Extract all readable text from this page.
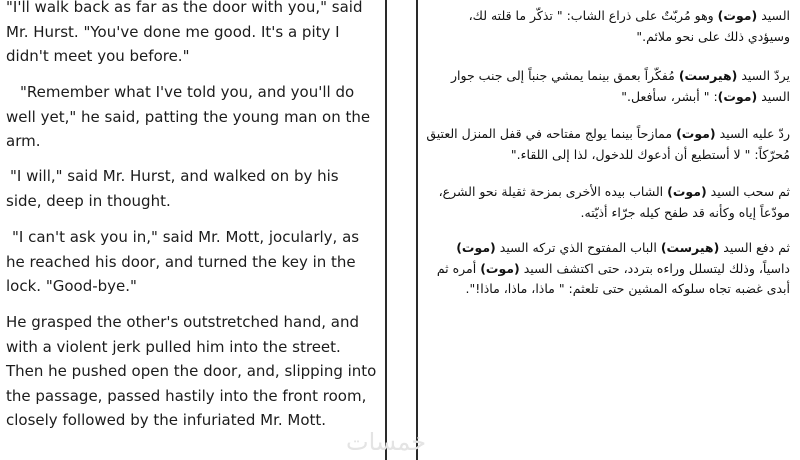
"I'll walk back as far as the door with you," said Mr. Hurst. "You've done me good. It's a pity I didn't meet you before."

"Remember what I've told you, and you'll do well yet," he said, patting the young man on the arm.

"I will," said Mr. Hurst, and walked on by his side, deep in thought.

"I can't ask you in," said Mr. Mott, jocularly, as he reached his door, and turned the key in the lock. "Good-bye."

He grasped the other's outstretched hand, and with a violent jerk pulled him into the street. Then he pushed open the door, and, slipping into the passage, passed hastily into the front room, closely followed by the infuriated Mr. Mott.

السيد (موت) وهو مُربّتٌ على ذراع الشاب: " تذكّر ما قلته لك، وسيؤدي ذلك على نحو ملائم."

يردّ السيد (هيرست) مُفكّراً بعمق بينما يمشي جنباً إلى جنب جوار السيد (موت): " أبشر، سأفعل."

ردّ عليه السيد (موت) ممازحاً بينما يولج مفتاحه في قفل المنزل العتيق مُحرّكاً: " لا أستطيع أن أدعوك للدخول، لذا إلى اللقاء."

ثم سحب السيد (موت) الشاب بيده الأخرى بمزحة ثقيلة نحو الشرع، مودّعاً إياه وكأنه قد طفح كيله جرّاء أذيّته.

ثم دفع السيد (هيرست) الباب المفتوح الذي تركه السيد (موت) داسياً، وذلك ليتسلل وراءه بتردد، حتى اكتشف السيد (موت) أمره ثم أبدى غضبه تجاه سلوكه المشين حتى تلعثم: " ماذا، ماذا، ماذا!".

خمسات
